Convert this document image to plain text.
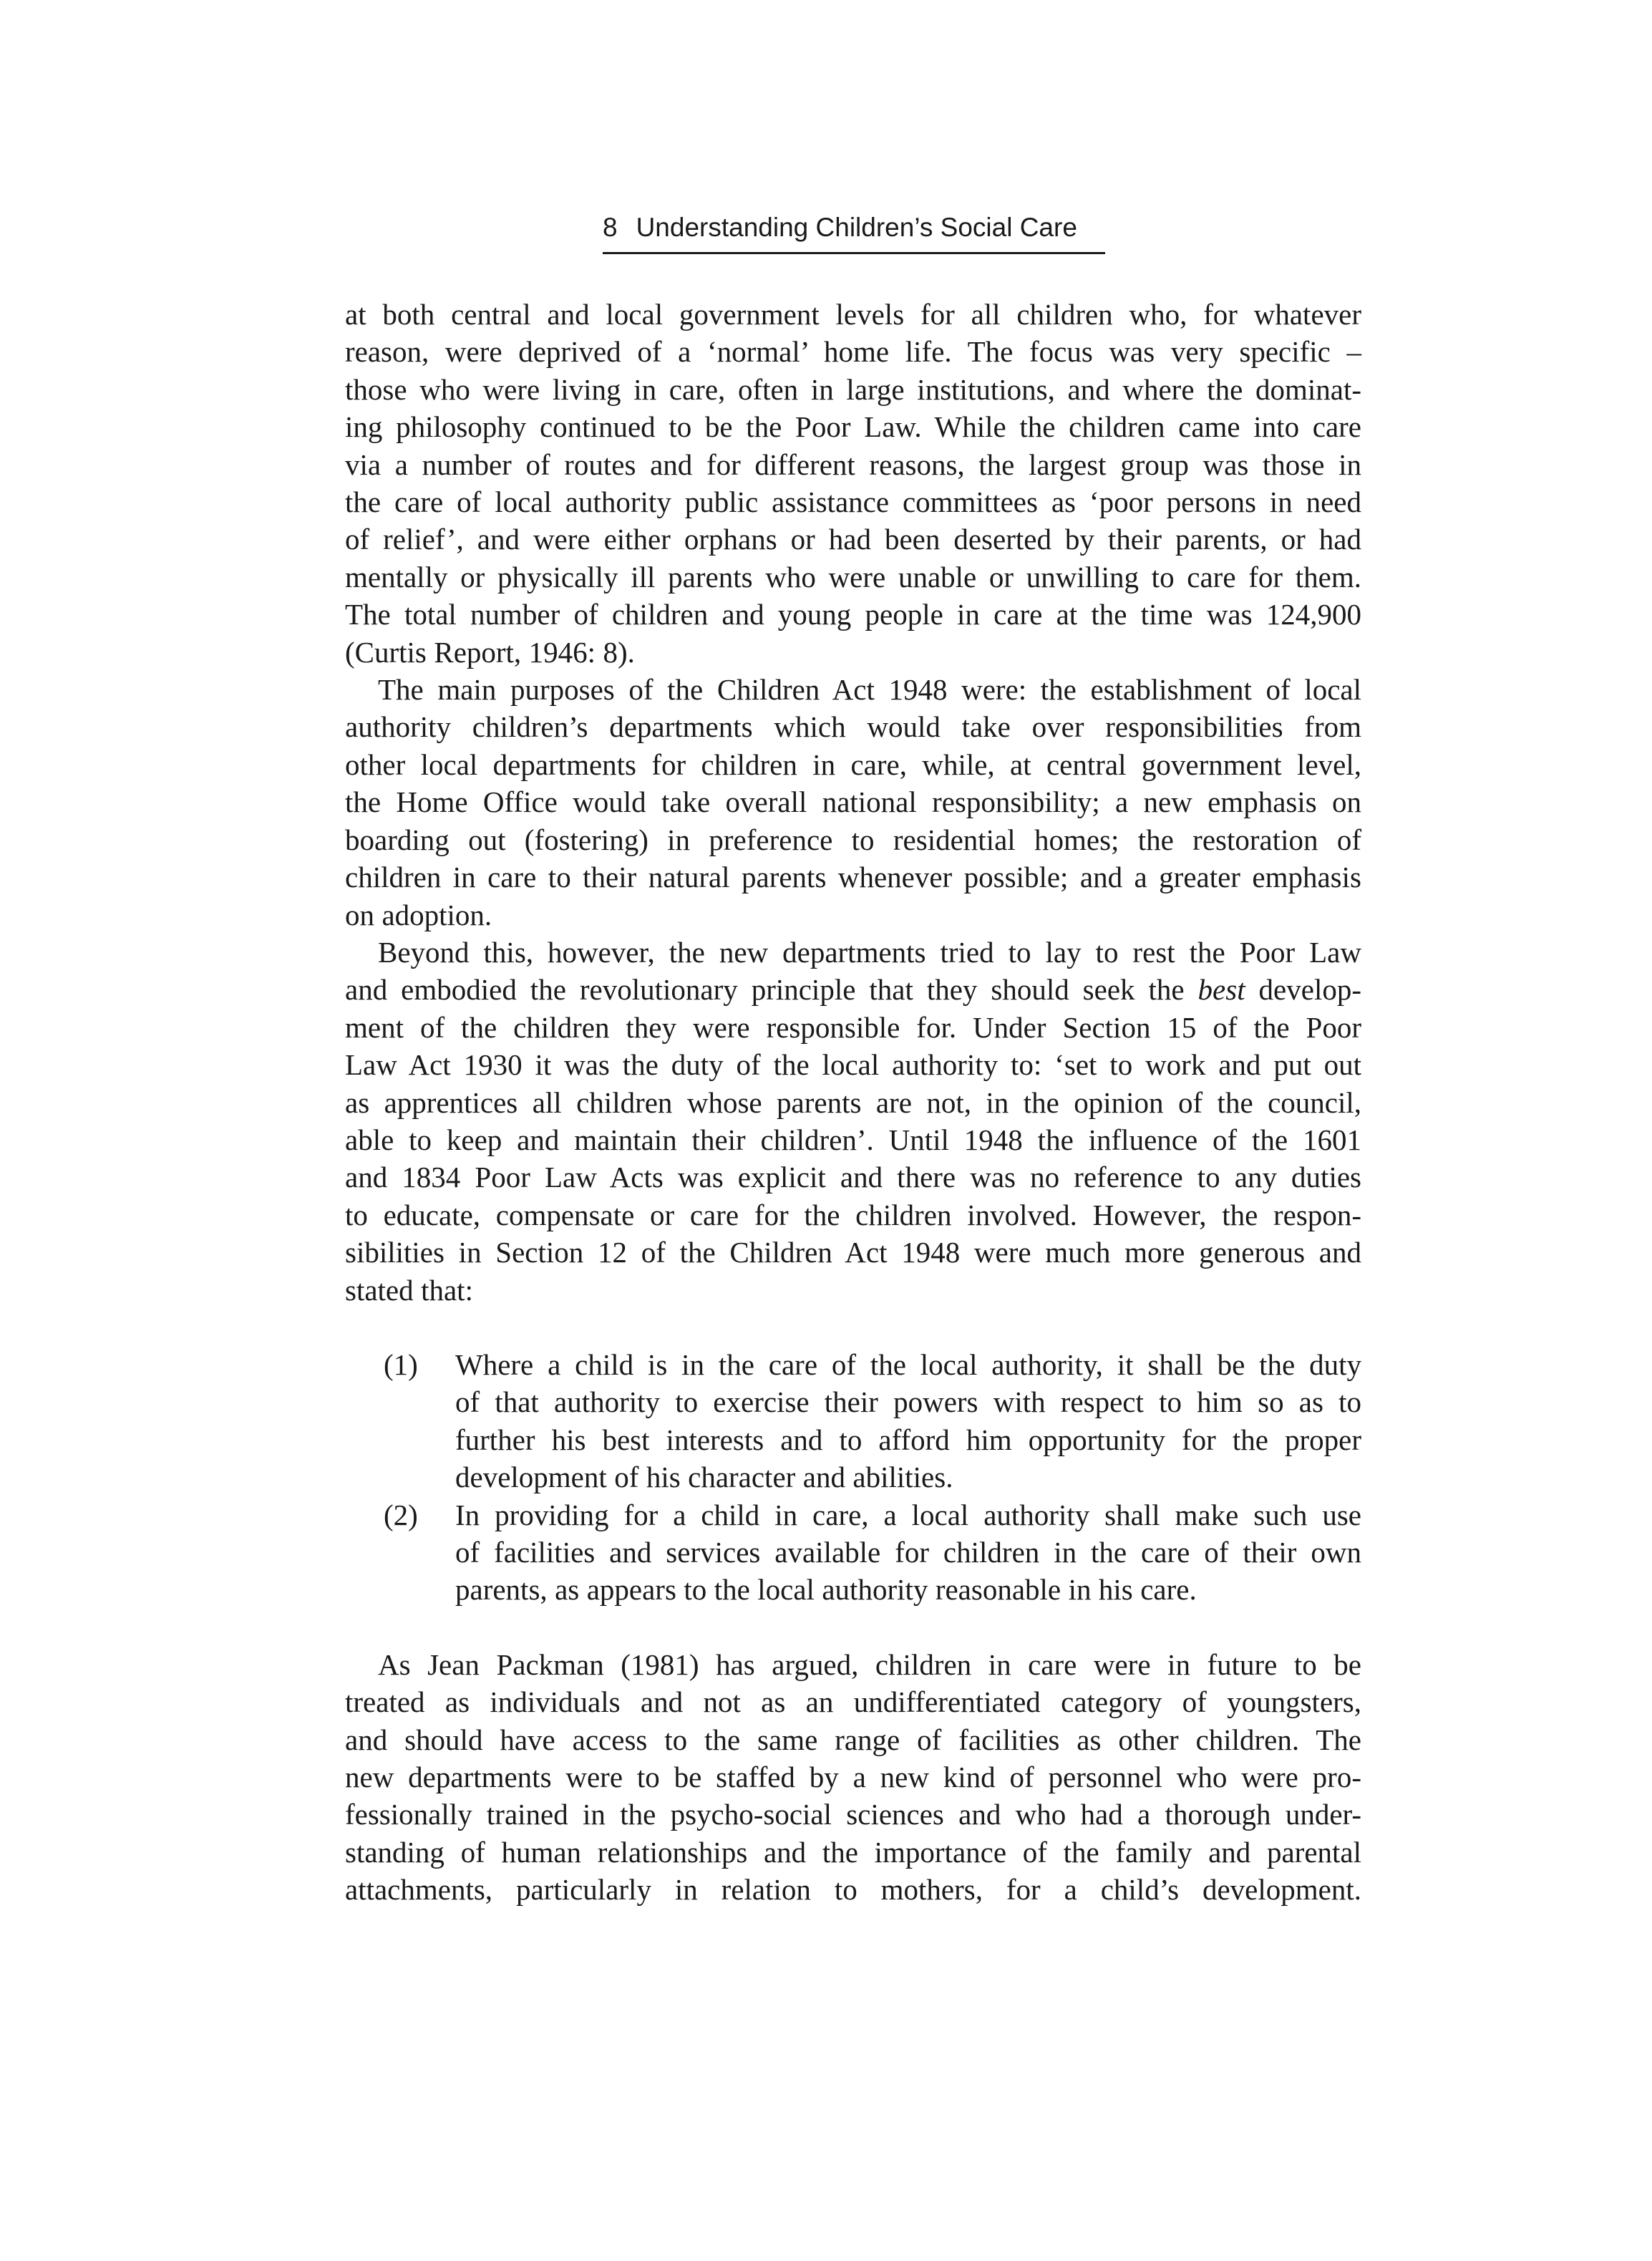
8 Understanding Children’s Social Care

at both central and local government levels for all children who, for whatever

reason, were deprived of a ‘normal’ home life. The focus was very specific –

those who were living in care, often in large institutions, and where the dominat-

ing philosophy continued to be the Poor Law. While the children came into care

via a number of routes and for different reasons, the largest group was those in

the care of local authority public assistance committees as ‘poor persons in need

of relief’, and were either orphans or had been deserted by their parents, or had

mentally or physically ill parents who were unable or unwilling to care for them.

The total number of children and young people in care at the time was 124,900

(Curtis Report, 1946: 8).

The main purposes of the Children Act 1948 were: the establishment of local

authority children’s departments which would take over responsibilities from

other local departments for children in care, while, at central government level,

the Home Office would take overall national responsibility; a new emphasis on

boarding out (fostering) in preference to residential homes; the restoration of

children in care to their natural parents whenever possible; and a greater emphasis

on adoption.

Beyond this, however, the new departments tried to lay to rest the Poor Law

and embodied the revolutionary principle that they should seek the best develop-

ment of the children they were responsible for. Under Section 15 of the Poor

Law Act 1930 it was the duty of the local authority to: ‘set to work and put out

as apprentices all children whose parents are not, in the opinion of the council,

able to keep and maintain their children’. Until 1948 the influence of the 1601

and 1834 Poor Law Acts was explicit and there was no reference to any duties

to educate, compensate or care for the children involved. However, the respon-

sibilities in Section 12 of the Children Act 1948 were much more generous and

stated that:

(1) Where a child is in the care of the local authority, it shall be the duty
of that authority to exercise their powers with respect to him so as to
further his best interests and to afford him opportunity for the proper
development of his character and abilities.
(2) In providing for a child in care, a local authority shall make such use
of facilities and services available for children in the care of their own
parents, as appears to the local authority reasonable in his care.

As Jean Packman (1981) has argued, children in care were in future to be

treated as individuals and not as an undifferentiated category of youngsters,

and should have access to the same range of facilities as other children. The

new departments were to be staffed by a new kind of personnel who were pro-

fessionally trained in the psycho-social sciences and who had a thorough under-

standing of human relationships and the importance of the family and parental

attachments, particularly in relation to mothers, for a child’s development.
